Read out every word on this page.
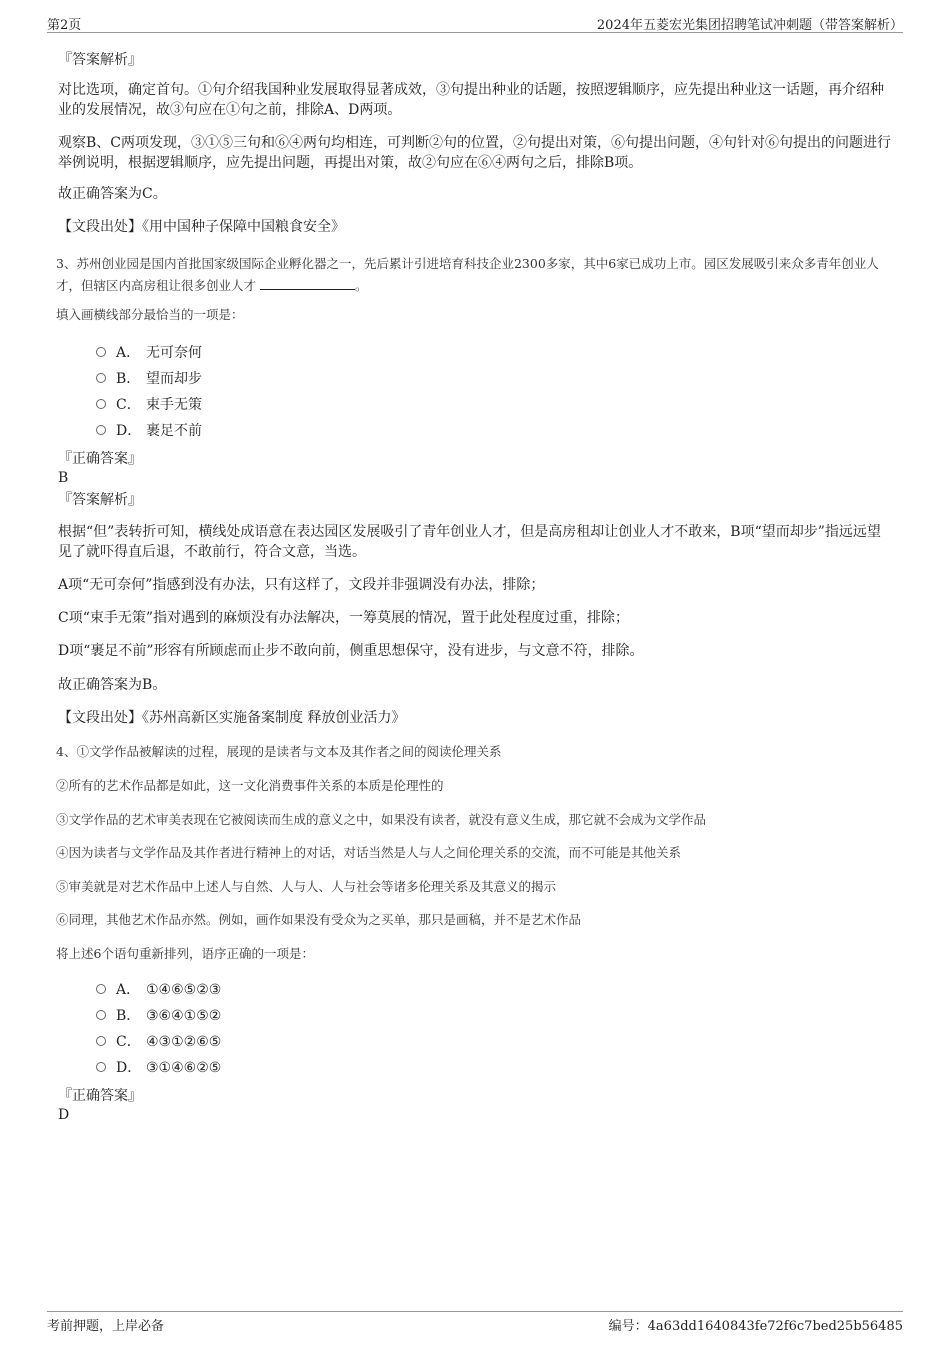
第2页	2024年五菱宏光集团招聘笔试冲刺题（带答案解析）
『答案解析』
对比选项，确定首句。①句介绍我国种业发展取得显著成效，③句提出种业的话题，按照逻辑顺序，应先提出种业这一话题，再介绍种业的发展情况，故③句应在①句之前，排除A、D两项。
观察B、C两项发现，③①⑤三句和⑥④两句均相连，可判断②句的位置，②句提出对策，⑥句提出问题，④句针对⑥句提出的问题进行举例说明，根据逻辑顺序，应先提出问题，再提出对策，故②句应在⑥④两句之后，排除B项。
故正确答案为C。
【文段出处】《用中国种子保障中国粮食安全》
3、苏州创业园是国内首批国家级国际企业孵化器之一，先后累计引进培育科技企业2300多家，其中6家已成功上市。园区发展吸引来众多青年创业人才，但辖区内高房租让很多创业人才	。
填入画横线部分最恰当的一项是：
A． 无可奈何
B． 望而却步
C． 束手无策
D． 裹足不前
『正确答案』
B
『答案解析』
根据“但”表转折可知，横线处成语意在表达园区发展吸引了青年创业人才，但是高房租却让创业人才不敢来，B项“望而却步”指远远望见了就吓得直后退，不敢前行，符合文意，当选。
A项“无可奈何”指感到没有办法，只有这样了，文段并非强调没有办法，排除；
C项“束手无策”指对遇到的麻烦没有办法解决，一筹莫展的情况，置于此处程度过重，排除；
D项“裹足不前”形容有所顾虑而止步不敢向前，侧重思想保守，没有进步，与文意不符，排除。
故正确答案为B。
【文段出处】《苏州高新区实施备案制度 释放创业活力》
4、①文学作品被解读的过程，展现的是读者与文本及其作者之间的阅读伦理关系
②所有的艺术作品都是如此，这一文化消费事件关系的本质是伦理性的
③文学作品的艺术审美表现在它被阅读而生成的意义之中，如果没有读者，就没有意义生成，那它就不会成为文学作品
④因为读者与文学作品及其作者进行精神上的对话，对话当然是人与人之间伦理关系的交流，而不可能是其他关系
⑤审美就是对艺术作品中上述人与自然、人与人、人与社会等诸多伦理关系及其意义的揭示
⑥同理，其他艺术作品亦然。例如，画作如果没有受众为之买单，那只是画稿，并不是艺术作品
将上述6个语句重新排列，语序正确的一项是：
A． ①④⑥⑤②③
B． ③⑥④①⑤②
C． ④③①②⑥⑤
D． ③①④⑥②⑤
『正确答案』
D
考前押题，上岸必备	编号：4a63dd1640843fe72f6c7bed25b56485
